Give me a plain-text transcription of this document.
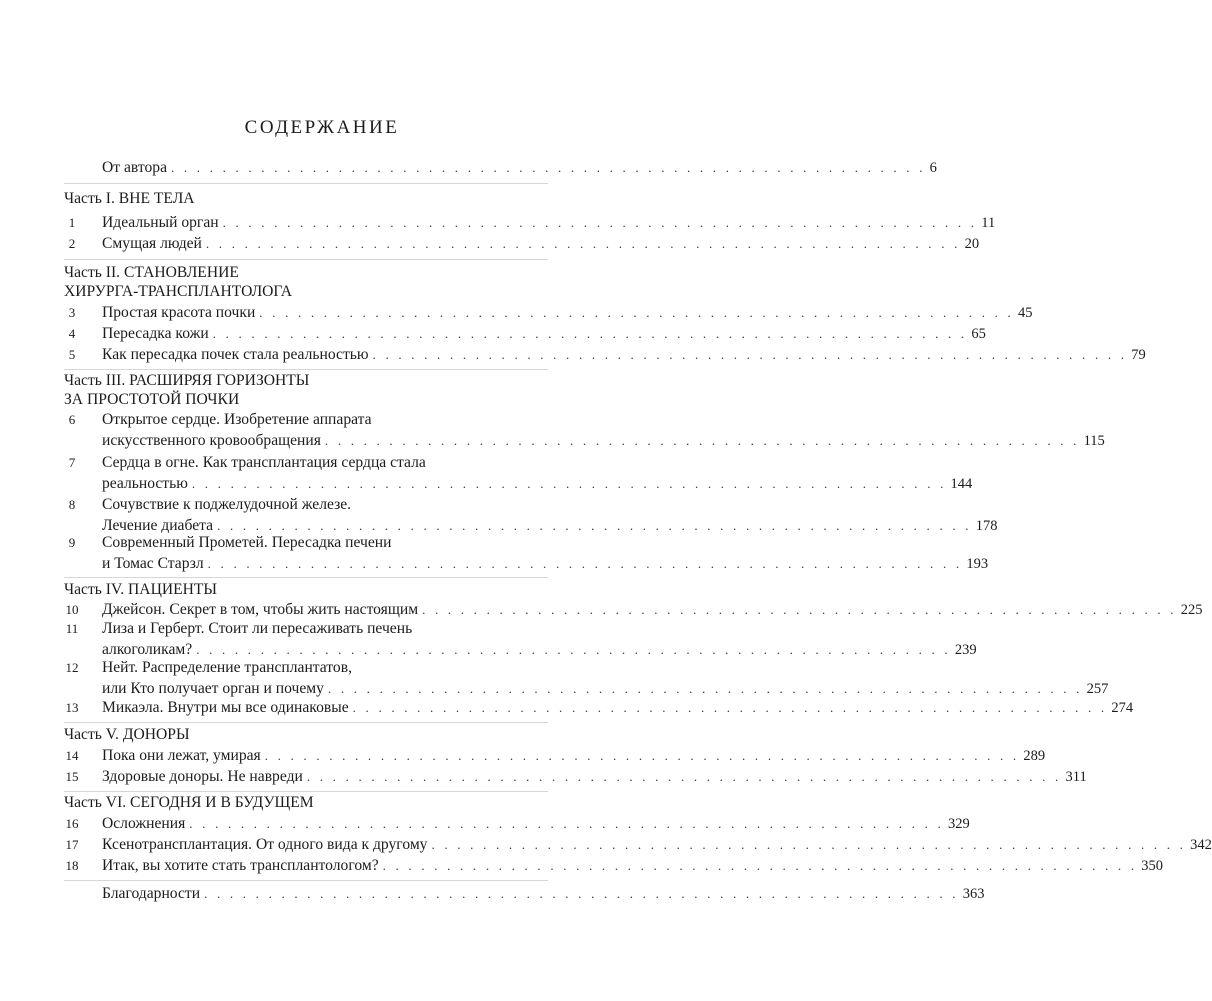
СОДЕРЖАНИЕ
От автора . . . . . . . . . . . . . . . . . . . . . . . . . . . . . . . . . . . . . . . . . . . . . . . . . . . . . . . . . . . 6
Часть I. ВНЕ ТЕЛА
1	Идеальный орган . . . . . . . . . . . . . . . . . . . . . . . . . . . . . . . . . . . . . . . . . . . . . . . . . . . . . . . . . . . 11
2	Смущая людей . . . . . . . . . . . . . . . . . . . . . . . . . . . . . . . . . . . . . . . . . . . . . . . . . . . . . . . . . . . 20
Часть II. СТАНОВЛЕНИЕ
ХИРУРГА-ТРАНСПЛАНТОЛОГА
3	Простая красота почки . . . . . . . . . . . . . . . . . . . . . . . . . . . . . . . . . . . . . . . . . . . . . . . . . . . . . . . . . . . 45
4	Пересадка кожи . . . . . . . . . . . . . . . . . . . . . . . . . . . . . . . . . . . . . . . . . . . . . . . . . . . . . . . . . . . 65
5	Как пересадка почек стала реальностью . . . . . . . . . . . . . . . . . . . . . . . . . . . . . . . . . . . . . . . . . . . . . . . . . . . . . . . . . . . 79
Часть III. РАСШИРЯЯ ГОРИЗОНТЫ
ЗА ПРОСТОТОЙ ПОЧКИ
6	Открытое сердце. Изобретение аппарата
искусственного кровообращения . . . . . . . . . . . . . . . . . . . . . . . . . . . . . . . . . . . . . . . . . . . . . . . . . . . . . . . . . . . 115
7	Сердца в огне. Как трансплантация сердца стала
реальностью . . . . . . . . . . . . . . . . . . . . . . . . . . . . . . . . . . . . . . . . . . . . . . . . . . . . . . . . . . . 144
8	Сочувствие к поджелудочной железе.
Лечение диабета . . . . . . . . . . . . . . . . . . . . . . . . . . . . . . . . . . . . . . . . . . . . . . . . . . . . . . . . . . . 178
9	Современный Прометей. Пересадка печени
и Томас Старзл . . . . . . . . . . . . . . . . . . . . . . . . . . . . . . . . . . . . . . . . . . . . . . . . . . . . . . . . . . . 193
Часть IV. ПАЦИЕНТЫ
10	Джейсон. Секрет в том, чтобы жить настоящим . . . . . . . . . . . . . . . . . . . . . . . . . . . . . . . . . . . . . . . . . . . . . . . . . . . . . . . . . . . 225
11	Лиза и Герберт. Стоит ли пересаживать печень
алкоголикам? . . . . . . . . . . . . . . . . . . . . . . . . . . . . . . . . . . . . . . . . . . . . . . . . . . . . . . . . . . . 239
12	Нейт. Распределение трансплантатов,
или Кто получает орган и почему . . . . . . . . . . . . . . . . . . . . . . . . . . . . . . . . . . . . . . . . . . . . . . . . . . . . . . . . . . . 257
13	Микаэла. Внутри мы все одинаковые . . . . . . . . . . . . . . . . . . . . . . . . . . . . . . . . . . . . . . . . . . . . . . . . . . . . . . . . . . . 274
Часть V. ДОНОРЫ
14	Пока они лежат, умирая . . . . . . . . . . . . . . . . . . . . . . . . . . . . . . . . . . . . . . . . . . . . . . . . . . . . . . . . . . . 289
15	Здоровые доноры. Не навреди . . . . . . . . . . . . . . . . . . . . . . . . . . . . . . . . . . . . . . . . . . . . . . . . . . . . . . . . . . . 311
Часть VI. СЕГОДНЯ И В БУДУЩЕМ
16	Осложнения . . . . . . . . . . . . . . . . . . . . . . . . . . . . . . . . . . . . . . . . . . . . . . . . . . . . . . . . . . . 329
17	Ксенотрансплантация. От одного вида к другому . . . . . . . . . . . . . . . . . . . . . . . . . . . . . . . . . . . . . . . . . . . . . . . . . . . . . . . . . . . 342
18	Итак, вы хотите стать трансплантологом? . . . . . . . . . . . . . . . . . . . . . . . . . . . . . . . . . . . . . . . . . . . . . . . . . . . . . . . . . . . 350
Благодарности . . . . . . . . . . . . . . . . . . . . . . . . . . . . . . . . . . . . . . . . . . . . . . . . . . . . . . . . . . . 363
